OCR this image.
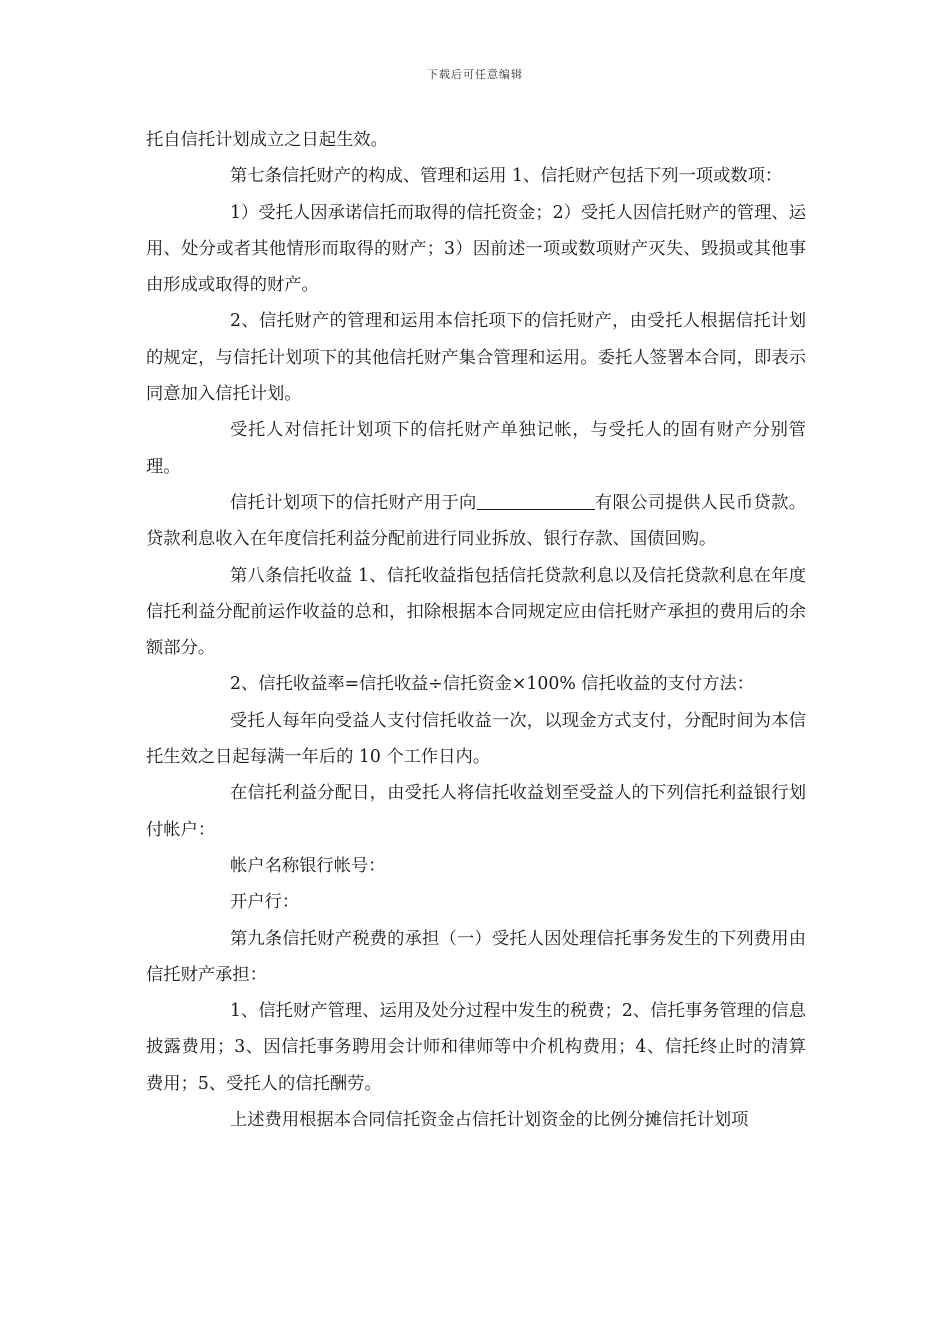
下载后可任意编辑

托自信托计划成立之日起生效。

第七条信托财产的构成、管理和运用 1、信托财产包括下列一项或数项：

1）受托人因承诺信托而取得的信托资金；2）受托人因信托财产的管理、运用、处分或者其他情形而取得的财产；3）因前述一项或数项财产灭失、毁损或其他事由形成或取得的财产。

2、信托财产的管理和运用本信托项下的信托财产，由受托人根据信托计划的规定，与信托计划项下的其他信托财产集合管理和运用。委托人签署本合同，即表示同意加入信托计划。

受托人对信托计划项下的信托财产单独记帐，与受托人的固有财产分别管理。

信托计划项下的信托财产用于向	有限公司提供人民币贷款。贷款利息收入在年度信托利益分配前进行同业拆放、银行存款、国债回购。

第八条信托收益 1、信托收益指包括信托贷款利息以及信托贷款利息在年度信托利益分配前运作收益的总和，扣除根据本合同规定应由信托财产承担的费用后的余额部分。

2、信托收益率=信托收益÷信托资金×100% 信托收益的支付方法：

受托人每年向受益人支付信托收益一次，以现金方式支付，分配时间为本信托生效之日起每满一年后的 10 个工作日内。

在信托利益分配日，由受托人将信托收益划至受益人的下列信托利益银行划付帐户：

帐户名称银行帐号：

开户行：

第九条信托财产税费的承担（一）受托人因处理信托事务发生的下列费用由信托财产承担：

1、信托财产管理、运用及处分过程中发生的税费；2、信托事务管理的信息披露费用；3、因信托事务聘用会计师和律师等中介机构费用；4、信托终止时的清算费用；5、受托人的信托酬劳。

上述费用根据本合同信托资金占信托计划资金的比例分摊信托计划项
